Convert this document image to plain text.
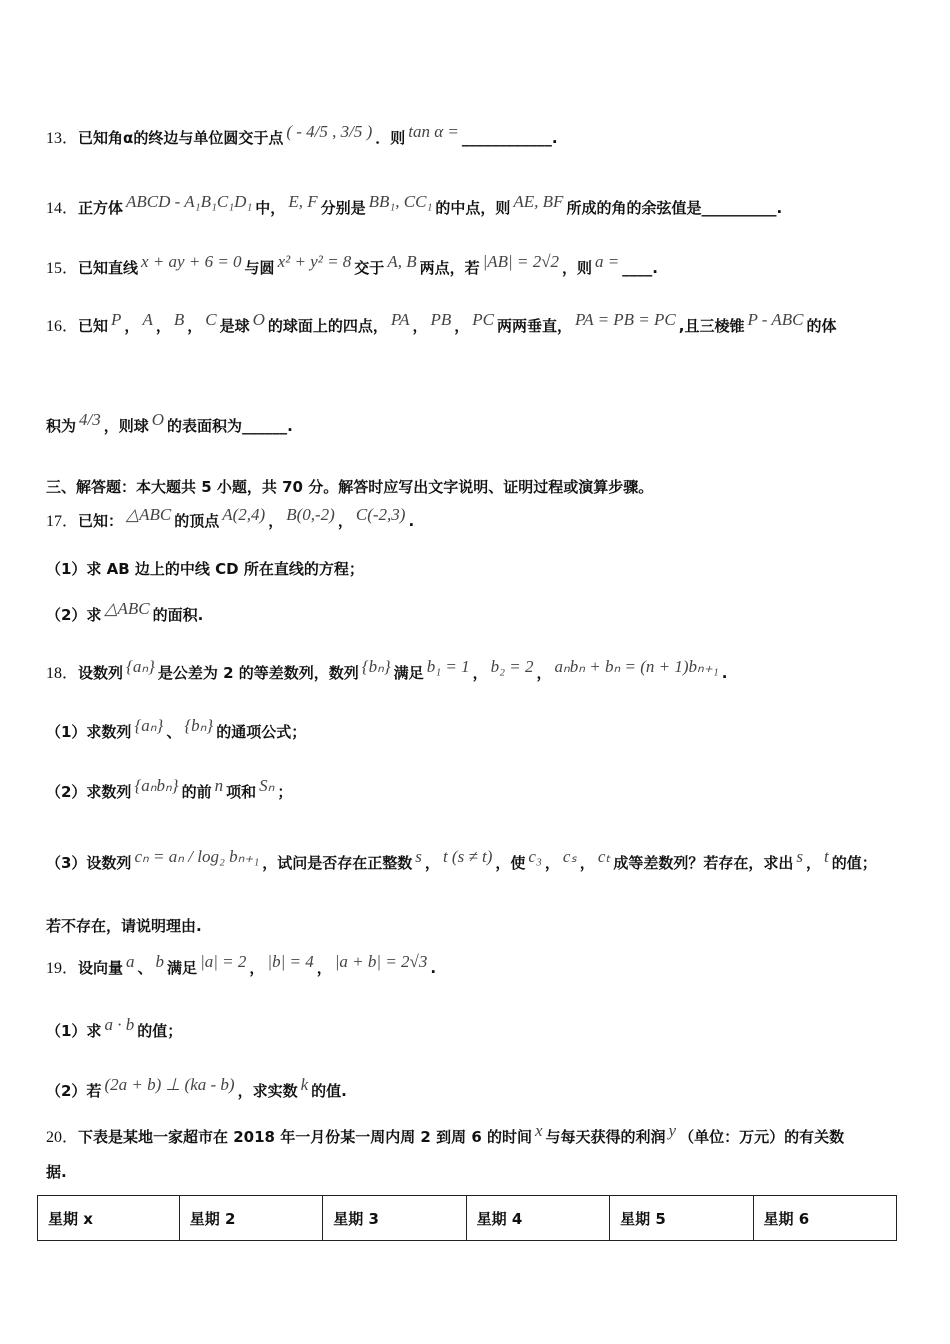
13．已知角α的终边与单位圆交于点 ( - 4/5 , 3/5 ) ．则 tan α = ____________.
14．正方体 ABCD - A₁B₁C₁D₁ 中， E, F 分别是 BB₁, CC₁ 的中点，则 AE, BF 所成的角的余弦值是__________.
15．已知直线 x + ay + 6 = 0 与圆 x² + y² = 8 交于 A, B 两点，若 |AB| = 2√2 ，则 a = ____.
16．已知 P ， A ， B ， C 是球 O 的球面上的四点， PA ， PB ， PC 两两垂直， PA = PB = PC ,且三棱锥 P - ABC 的体
积为 4/3 ，则球 O 的表面积为______.
三、解答题：本大题共 5 小题，共 70 分。解答时应写出文字说明、证明过程或演算步骤。
17．已知： △ABC 的顶点 A(2,4) ， B(0,-2) ， C(-2,3) .
（1）求 AB 边上的中线 CD 所在直线的方程；
（2）求 △ABC 的面积.
18．设数列 {aₙ} 是公差为 2 的等差数列，数列 {bₙ} 满足 b₁ = 1 ， b₂ = 2 ， aₙbₙ + bₙ = (n + 1)bₙ₊₁ .
（1）求数列 {aₙ} 、 {bₙ} 的通项公式；
（2）求数列 {aₙbₙ} 的前 n 项和 Sₙ ；
（3）设数列 cₙ = aₙ / log₂ bₙ₊₁ ，试问是否存在正整数 s ， t (s ≠ t) ，使 c₃ ， cₛ ， cₜ 成等差数列？若存在，求出 s ， t 的值；
若不存在，请说明理由.
19．设向量 a 、 b 满足 |a| = 2 ， |b| = 4 ， |a + b| = 2√3 .
（1）求 a · b 的值；
（2）若 (2a + b) ⊥ (ka - b) ，求实数 k 的值.
20．下表是某地一家超市在 2018 年一月份某一周内周 2 到周 6 的时间 x 与每天获得的利润 y （单位：万元）的有关数
据.
星期 x	星期 2	星期 3	星期 4	星期 5	星期 6
